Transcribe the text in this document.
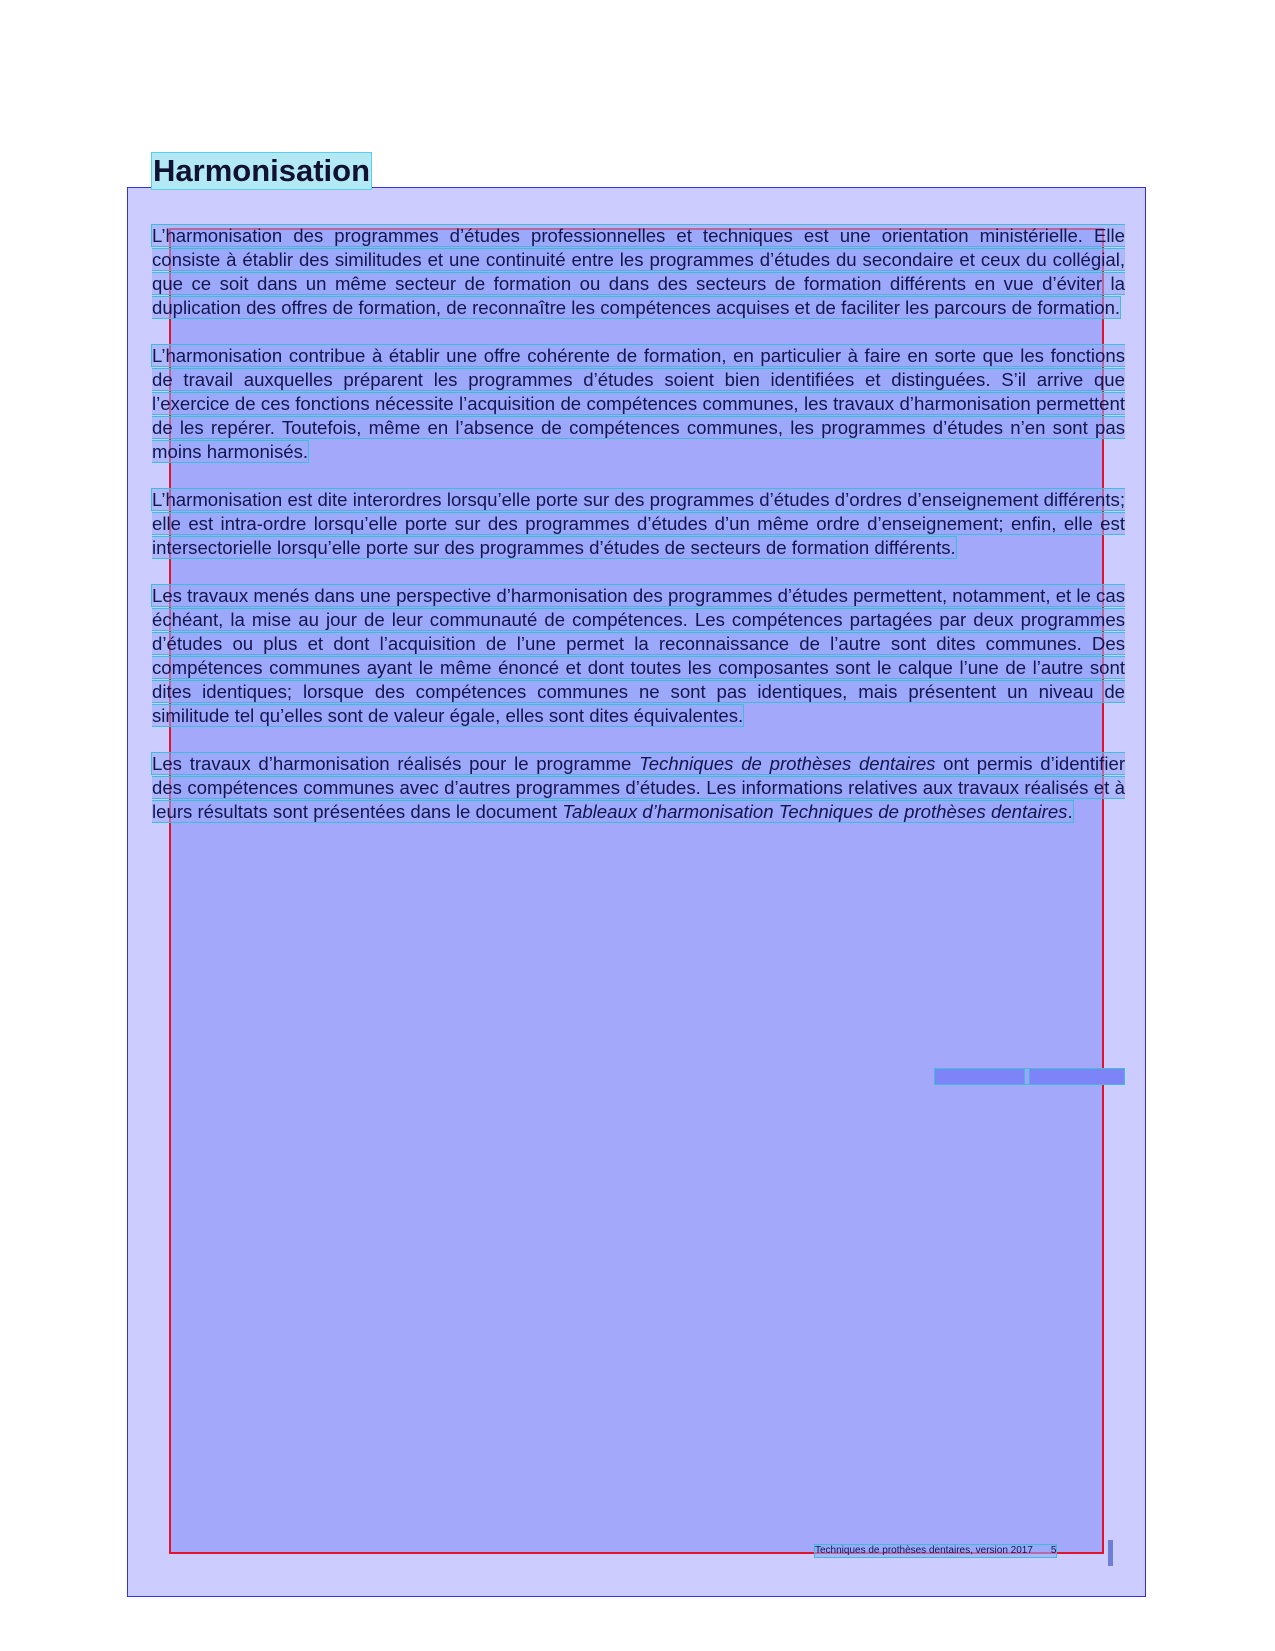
Harmonisation

L’harmonisation des programmes d’études professionnelles et techniques est une orientation ministérielle. Elle consiste à établir des similitudes et une continuité entre les programmes d’études du secondaire et ceux du collégial, que ce soit dans un même secteur de formation ou dans des secteurs de formation différents en vue d’éviter la duplication des offres de formation, de reconnaître les compétences acquises et de faciliter les parcours de formation.

L’harmonisation contribue à établir une offre cohérente de formation, en particulier à faire en sorte que les fonctions de travail auxquelles préparent les programmes d’études soient bien identifiées et distinguées. S’il arrive que l’exercice de ces fonctions nécessite l’acquisition de compétences communes, les travaux d’harmonisation permettent de les repérer. Toutefois, même en l’absence de compétences communes, les programmes d’études n’en sont pas moins harmonisés.

L’harmonisation est dite interordres lorsqu’elle porte sur des programmes d’études d’ordres d’enseignement différents; elle est intra-ordre lorsqu’elle porte sur des programmes d’études d’un même ordre d’enseignement; enfin, elle est intersectorielle lorsqu’elle porte sur des programmes d’études de secteurs de formation différents.

Les travaux menés dans une perspective d’harmonisation des programmes d’études permettent, notamment, et le cas échéant, la mise au jour de leur communauté de compétences. Les compétences partagées par deux programmes d’études ou plus et dont l’acquisition de l’une permet la reconnaissance de l’autre sont dites communes. Des compétences communes ayant le même énoncé et dont toutes les composantes sont le calque l’une de l’autre sont dites identiques; lorsque des compétences communes ne sont pas identiques, mais présentent un niveau de similitude tel qu’elles sont de valeur égale, elles sont dites équivalentes.

Les travaux d’harmonisation réalisés pour le programme Techniques de prothèses dentaires ont permis d’identifier des compétences communes avec d’autres programmes d’études. Les informations relatives aux travaux réalisés et à leurs résultats sont présentées dans le document Tableaux d’harmonisation Techniques de prothèses dentaires.

Techniques de prothèses dentaires, version 2017 5
